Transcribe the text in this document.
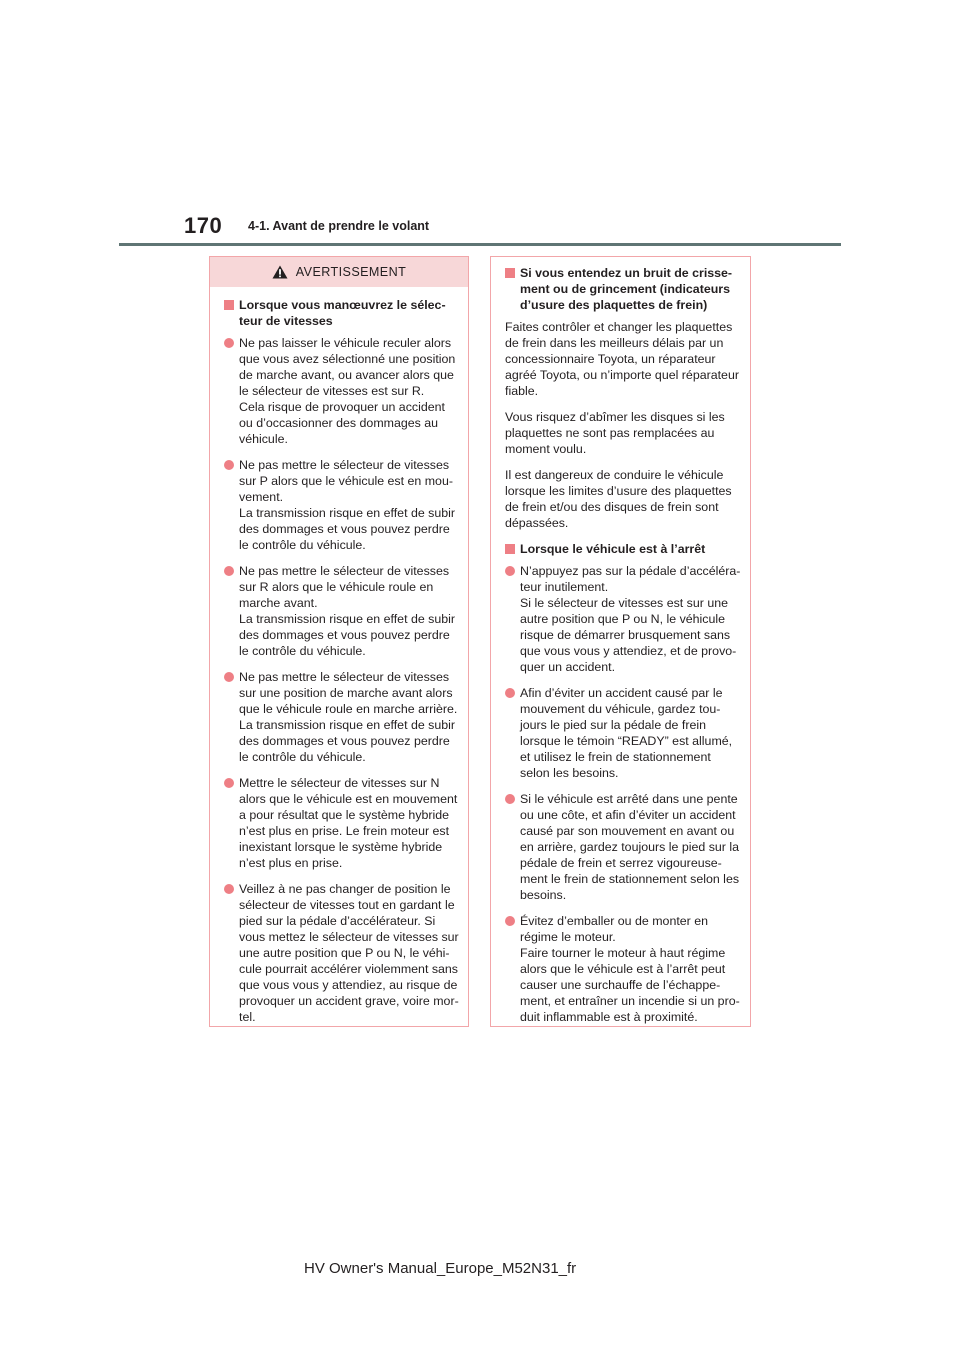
170 4-1. Avant de prendre le volant
AVERTISSEMENT
Lorsque vous manœuvrez le sélec-
teur de vitesses
Ne pas laisser le véhicule reculer alors
que vous avez sélectionné une position
de marche avant, ou avancer alors que
le sélecteur de vitesses est sur R.
Cela risque de provoquer un accident
ou d’occasionner des dommages au
véhicule.
Ne pas mettre le sélecteur de vitesses
sur P alors que le véhicule est en mou-
vement.
La transmission risque en effet de subir
des dommages et vous pouvez perdre
le contrôle du véhicule.
Ne pas mettre le sélecteur de vitesses
sur R alors que le véhicule roule en
marche avant.
La transmission risque en effet de subir
des dommages et vous pouvez perdre
le contrôle du véhicule.
Ne pas mettre le sélecteur de vitesses
sur une position de marche avant alors
que le véhicule roule en marche arrière.
La transmission risque en effet de subir
des dommages et vous pouvez perdre
le contrôle du véhicule.
Mettre le sélecteur de vitesses sur N
alors que le véhicule est en mouvement
a pour résultat que le système hybride
n’est plus en prise. Le frein moteur est
inexistant lorsque le système hybride
n’est plus en prise.
Veillez à ne pas changer de position le
sélecteur de vitesses tout en gardant le
pied sur la pédale d’accélérateur. Si
vous mettez le sélecteur de vitesses sur
une autre position que P ou N, le véhi-
cule pourrait accélérer violemment sans
que vous vous y attendiez, au risque de
provoquer un accident grave, voire mor-
tel.
Si vous entendez un bruit de crisse-
ment ou de grincement (indicateurs
d’usure des plaquettes de frein)
Faites contrôler et changer les plaquettes
de frein dans les meilleurs délais par un
concessionnaire Toyota, un réparateur
agréé Toyota, ou n’importe quel réparateur
fiable.
Vous risquez d’abîmer les disques si les
plaquettes ne sont pas remplacées au
moment voulu.
Il est dangereux de conduire le véhicule
lorsque les limites d’usure des plaquettes
de frein et/ou des disques de frein sont
dépassées.
Lorsque le véhicule est à l’arrêt
N’appuyez pas sur la pédale d’accéléra-
teur inutilement.
Si le sélecteur de vitesses est sur une
autre position que P ou N, le véhicule
risque de démarrer brusquement sans
que vous vous y attendiez, et de provo-
quer un accident.
Afin d’éviter un accident causé par le
mouvement du véhicule, gardez tou-
jours le pied sur la pédale de frein
lorsque le témoin “READY” est allumé,
et utilisez le frein de stationnement
selon les besoins.
Si le véhicule est arrêté dans une pente
ou une côte, et afin d’éviter un accident
causé par son mouvement en avant ou
en arrière, gardez toujours le pied sur la
pédale de frein et serrez vigoureuse-
ment le frein de stationnement selon les
besoins.
Évitez d’emballer ou de monter en
régime le moteur.
Faire tourner le moteur à haut régime
alors que le véhicule est à l’arrêt peut
causer une surchauffe de l’échappe-
ment, et entraîner un incendie si un pro-
duit inflammable est à proximité.
HV Owner's Manual_Europe_M52N31_fr
